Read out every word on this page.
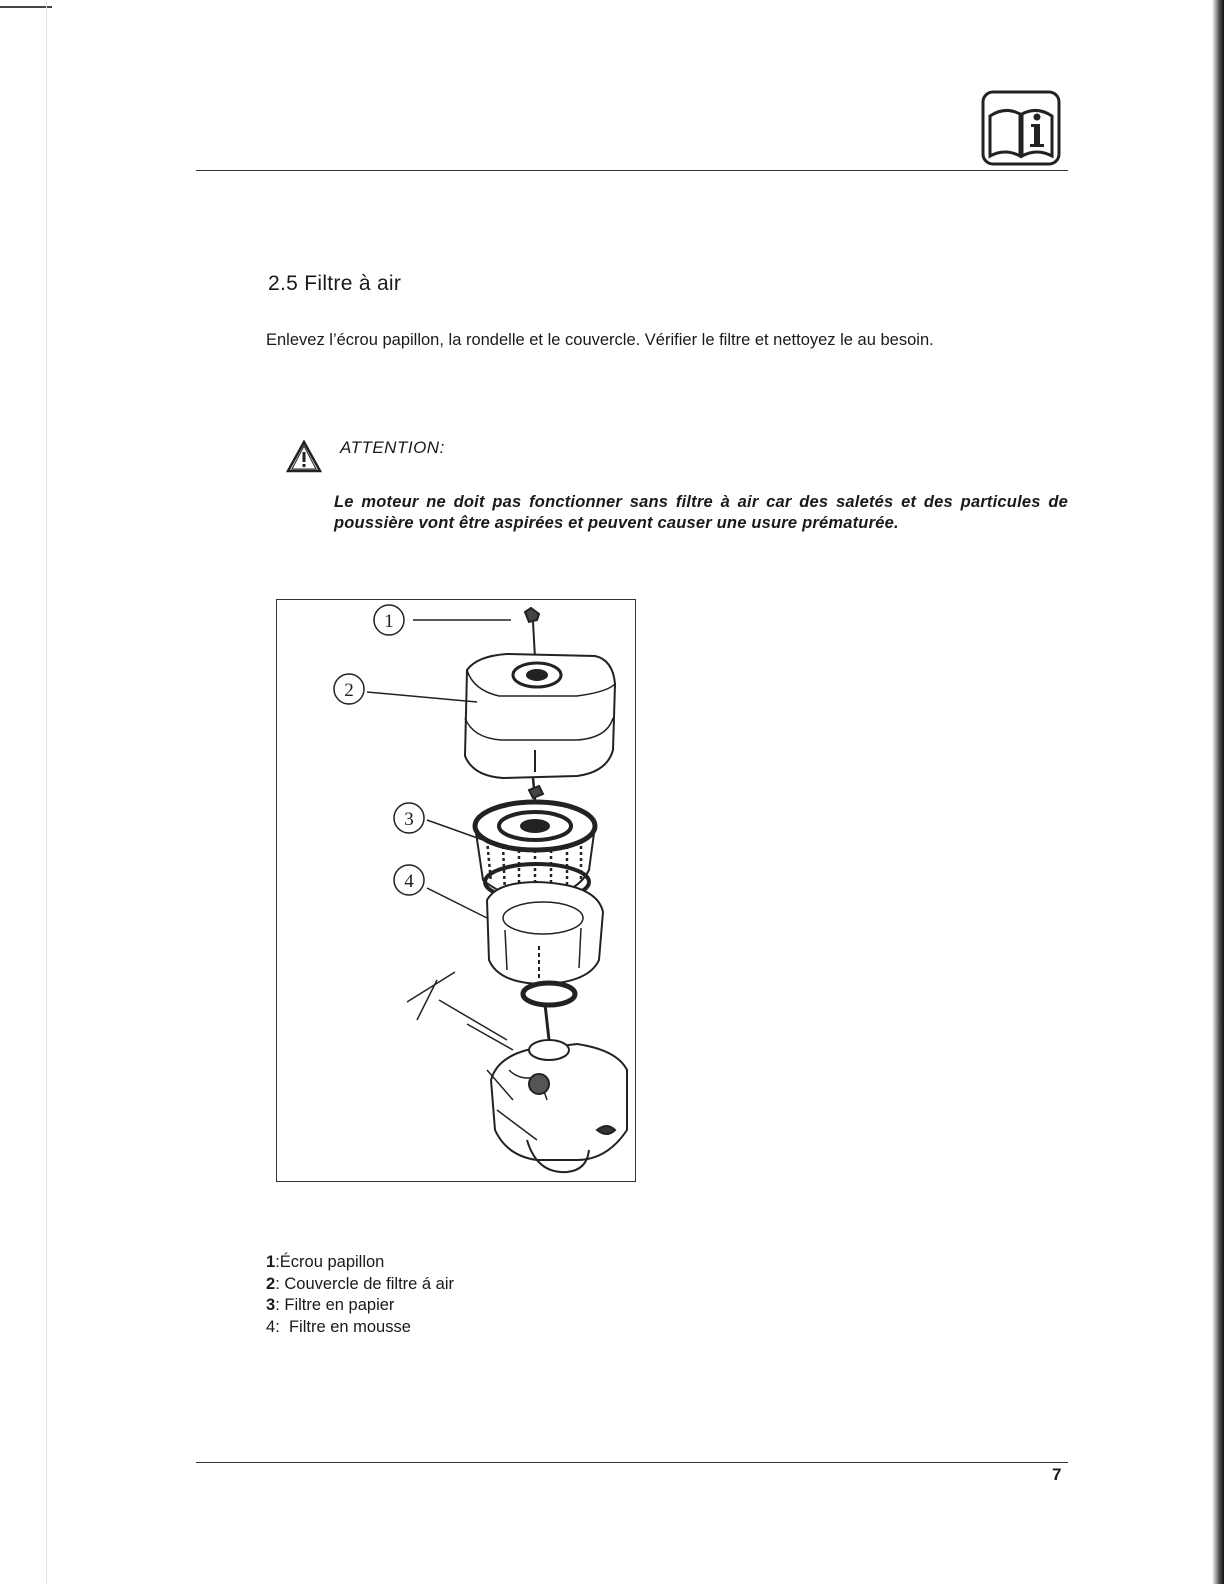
2.5 Filtre à air
Enlevez l’écrou papillon, la rondelle et le couvercle. Vérifier le filtre et nettoyez le au besoin.
ATTENTION:
Le moteur ne doit pas fonctionner sans filtre à air car des saletés et des particules de poussière vont être aspirées et peuvent causer une usure prématurée.
1
2
3
4
1:Écrou papillon
2: Couvercle de filtre á air
3: Filtre en papier
4:  Filtre en mousse
7
